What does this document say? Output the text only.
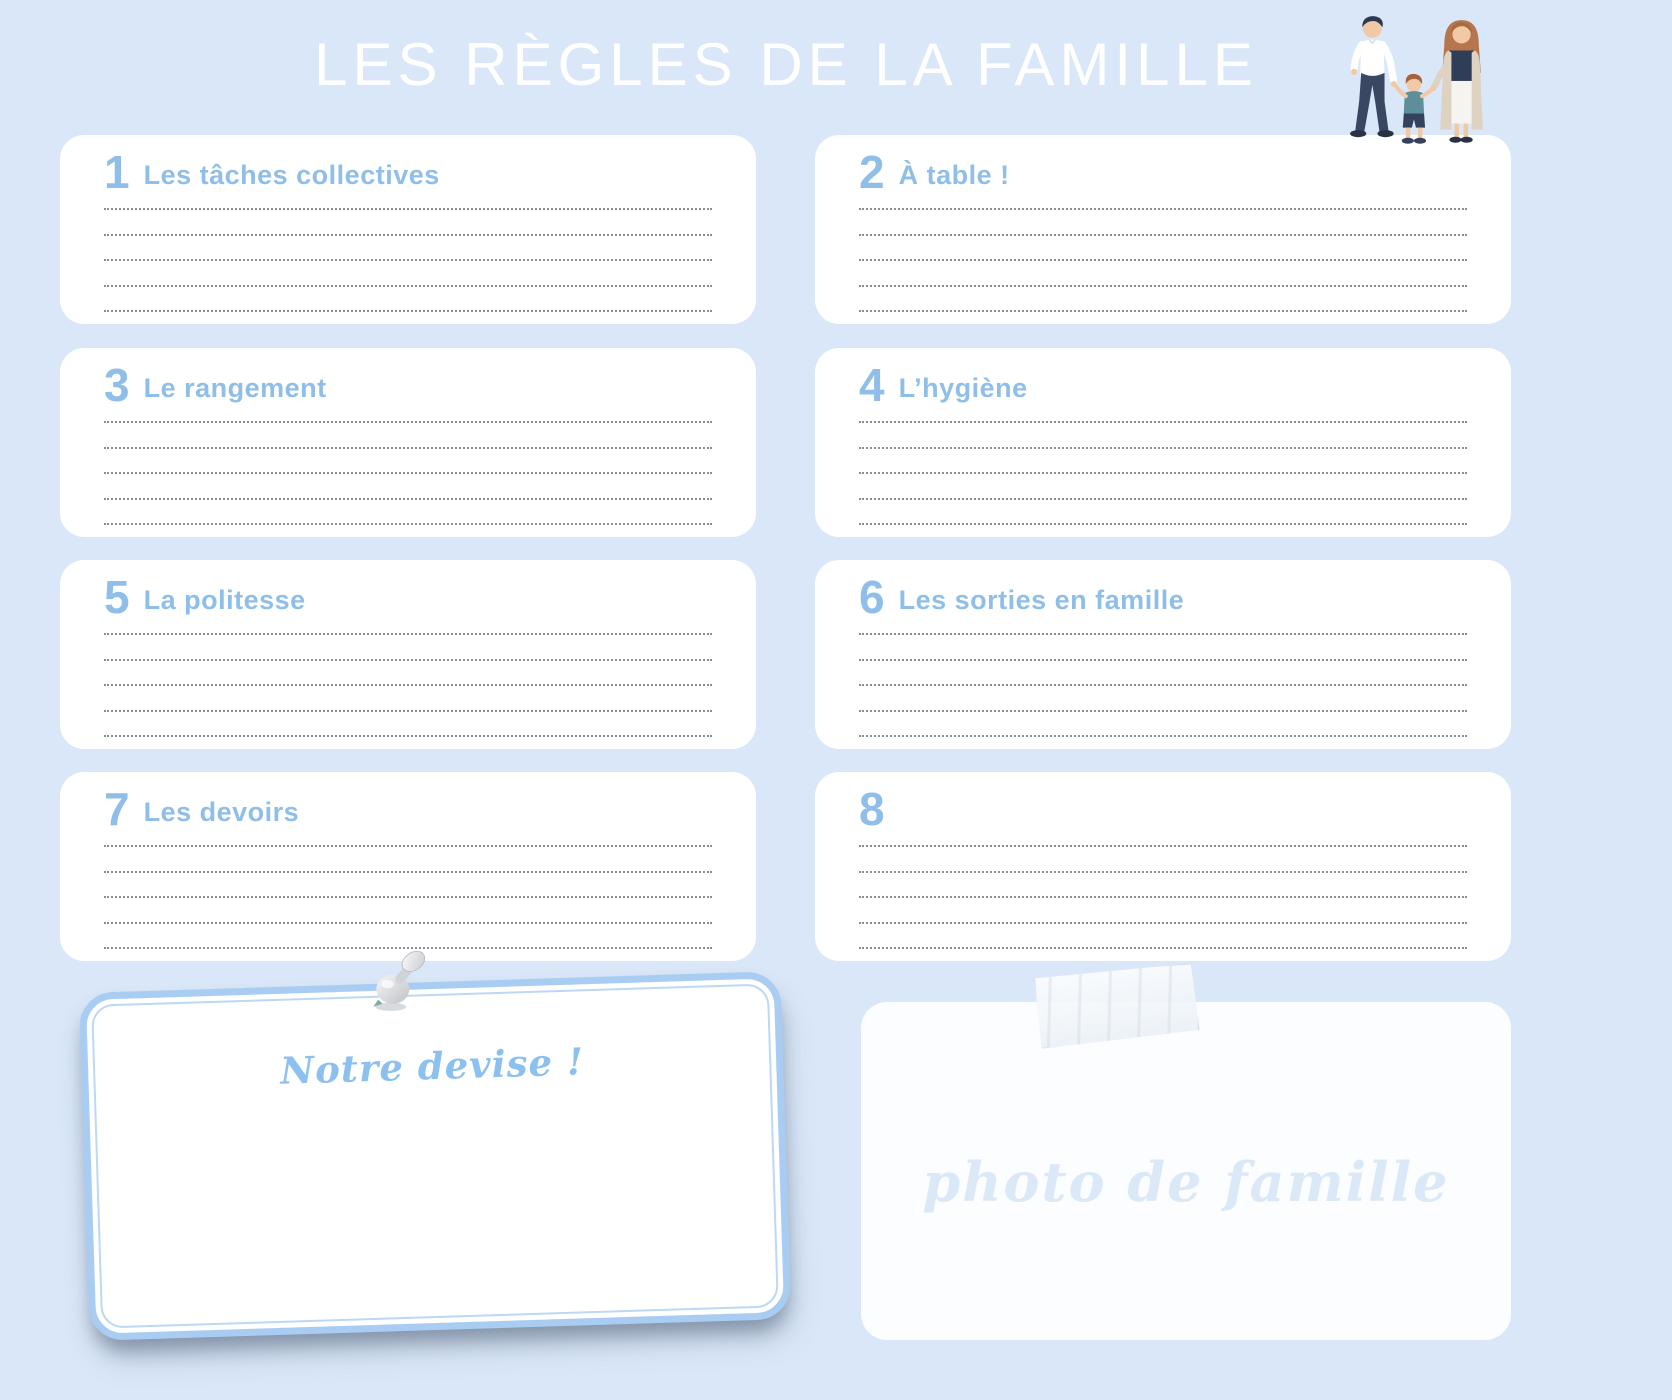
LES RÈGLES DE LA FAMILLE
1 Les tâches collectives	2 À table !
3 Le rangement	4 L’hygiène
5 La politesse	6 Les sorties en famille
7 Les devoirs	8
Notre devise !
photo de famille
